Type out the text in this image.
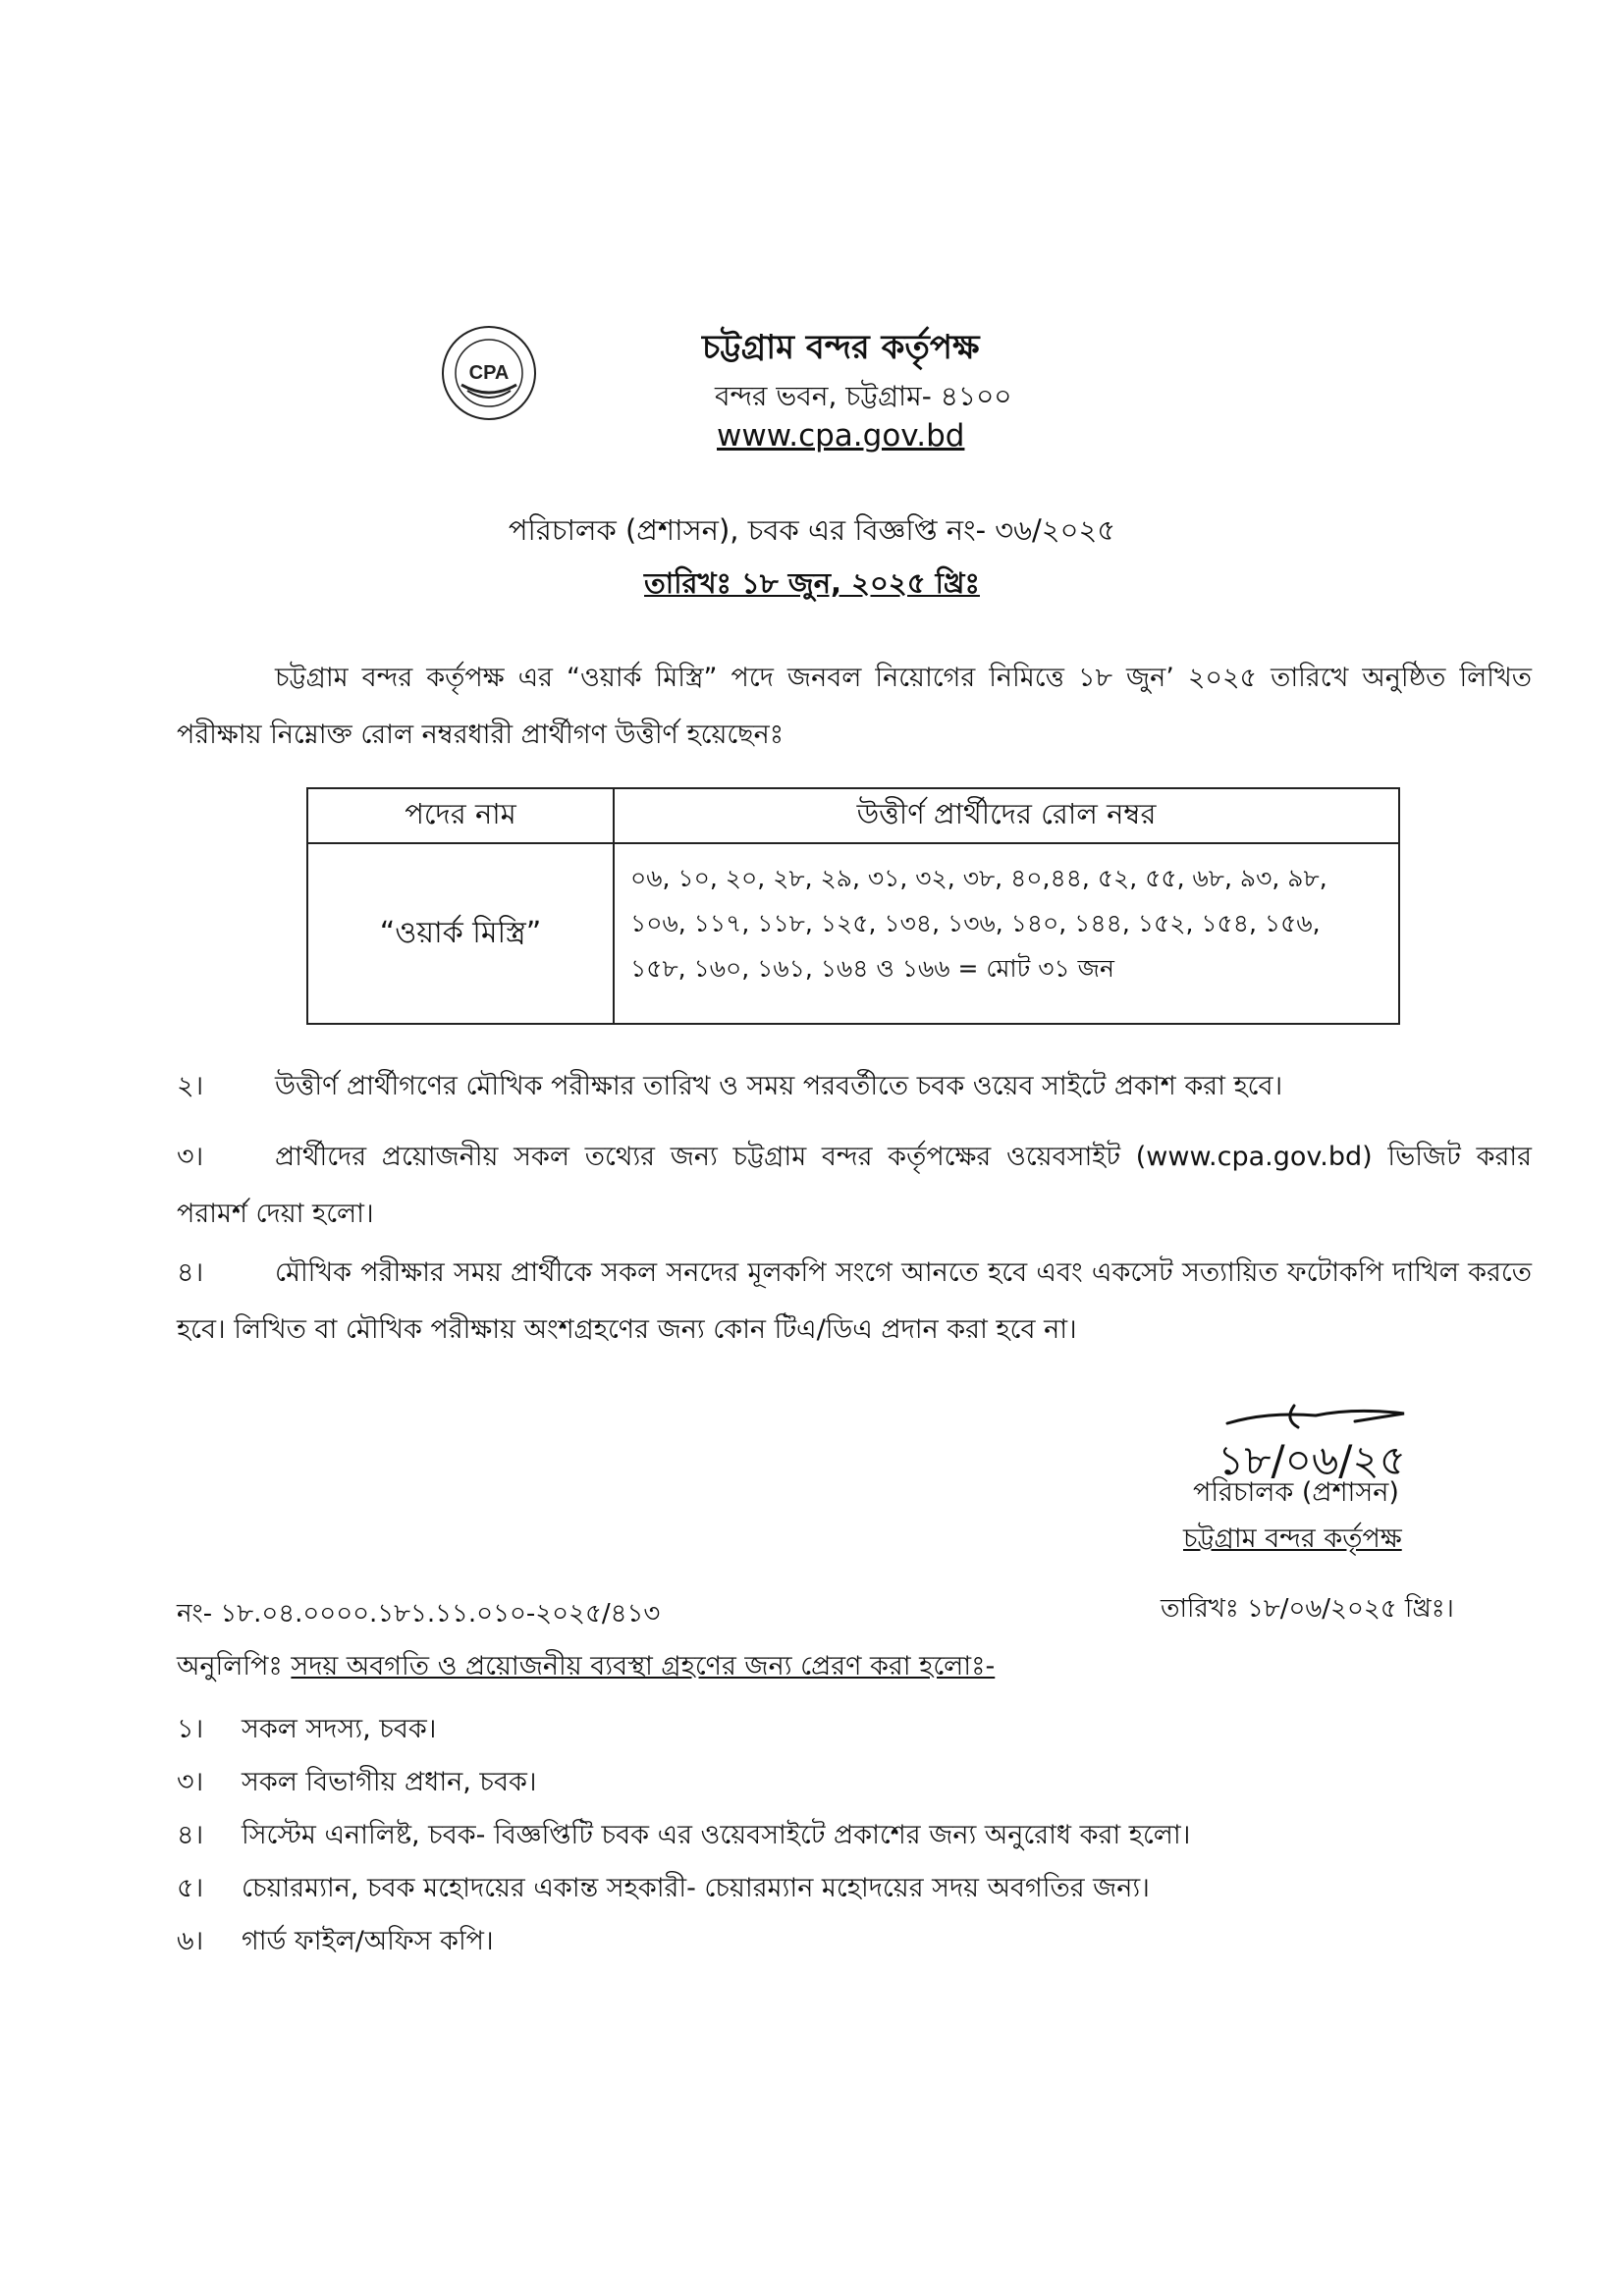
CPA
চট্টগ্রাম বন্দর কর্তৃপক্ষ
বন্দর ভবন, চট্টগ্রাম- ৪১০০
www.cpa.gov.bd
পরিচালক (প্রশাসন), চবক এর বিজ্ঞপ্তি নং- ৩৬/২০২৫
তারিখঃ ১৮ জুন, ২০২৫ খ্রিঃ
চট্টগ্রাম বন্দর কর্তৃপক্ষ এর “ওয়ার্ক মিস্ত্রি” পদে জনবল নিয়োগের নিমিত্তে ১৮ জুন’ ২০২৫ তারিখে অনুষ্ঠিত লিখিত পরীক্ষায় নিম্নোক্ত রোল নম্বরধারী প্রার্থীগণ উত্তীর্ণ হয়েছেনঃ
পদের নাম	উত্তীর্ণ প্রার্থীদের রোল নম্বর
“ওয়ার্ক মিস্ত্রি”	০৬, ১০, ২০, ২৮, ২৯, ৩১, ৩২, ৩৮, ৪০,৪৪, ৫২, ৫৫, ৬৮, ৯৩, ৯৮, ১০৬, ১১৭, ১১৮, ১২৫, ১৩৪, ১৩৬, ১৪০, ১৪৪, ১৫২, ১৫৪, ১৫৬, ১৫৮, ১৬০, ১৬১, ১৬৪ ও ১৬৬ = মোট ৩১ জন
২।	উত্তীর্ণ প্রার্থীগণের মৌখিক পরীক্ষার তারিখ ও সময় পরবর্তীতে চবক ওয়েব সাইটে প্রকাশ করা হবে।
৩।	প্রার্থীদের প্রয়োজনীয় সকল তথ্যের জন্য চট্টগ্রাম বন্দর কর্তৃপক্ষের ওয়েবসাইট (www.cpa.gov.bd) ভিজিট করার পরামর্শ দেয়া হলো।
৪।	মৌখিক পরীক্ষার সময় প্রার্থীকে সকল সনদের মূলকপি সংগে আনতে হবে এবং একসেট সত্যায়িত ফটোকপি দাখিল করতে হবে। লিখিত বা মৌখিক পরীক্ষায় অংশগ্রহণের জন্য কোন টিএ/ডিএ প্রদান করা হবে না।
১৮/০৬/২৫
পরিচালক (প্রশাসন)
চট্টগ্রাম বন্দর কর্তৃপক্ষ
নং- ১৮.০৪.০০০০.১৮১.১১.০১০-২০২৫/৪১৩	তারিখঃ ১৮/০৬/২০২৫ খ্রিঃ।
অনুলিপিঃ সদয় অবগতি ও প্রয়োজনীয় ব্যবস্থা গ্রহণের জন্য প্রেরণ করা হলোঃ-
১। সকল সদস্য, চবক।
৩। সকল বিভাগীয় প্রধান, চবক।
৪। সিস্টেম এনালিষ্ট, চবক- বিজ্ঞপ্তিটি চবক এর ওয়েবসাইটে প্রকাশের জন্য অনুরোধ করা হলো।
৫। চেয়ারম্যান, চবক মহোদয়ের একান্ত সহকারী- চেয়ারম্যান মহোদয়ের সদয় অবগতির জন্য।
৬। গার্ড ফাইল/অফিস কপি।
